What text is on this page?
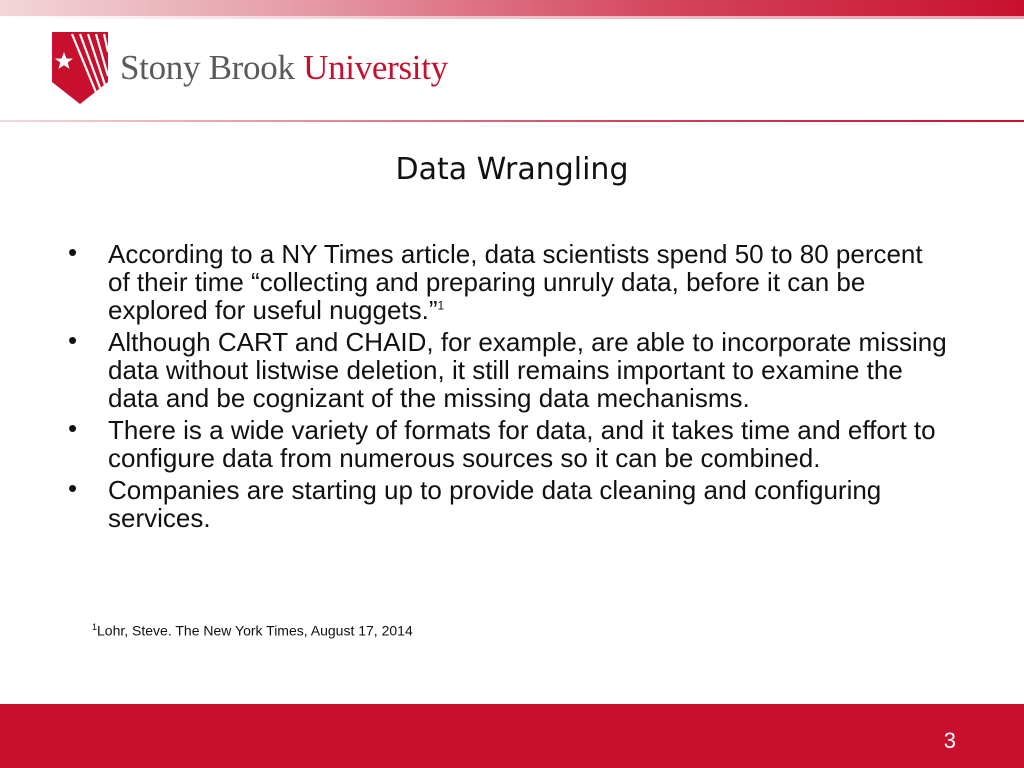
Stony Brook University
Data Wrangling
• According to a NY Times article, data scientists spend 50 to 80 percent of their time “collecting and preparing unruly data, before it can be explored for useful nuggets.”$^1$
• Although CART and CHAID, for example, are able to incorporate missing data without listwise deletion, it still remains important to examine the data and be cognizant of the missing data mechanisms.
• There is a wide variety of formats for data, and it takes time and effort to configure data from numerous sources so it can be combined.
• Companies are starting up to provide data cleaning and configuring services.
$^1$Lohr, Steve. The New York Times, August 17, 2014
3
